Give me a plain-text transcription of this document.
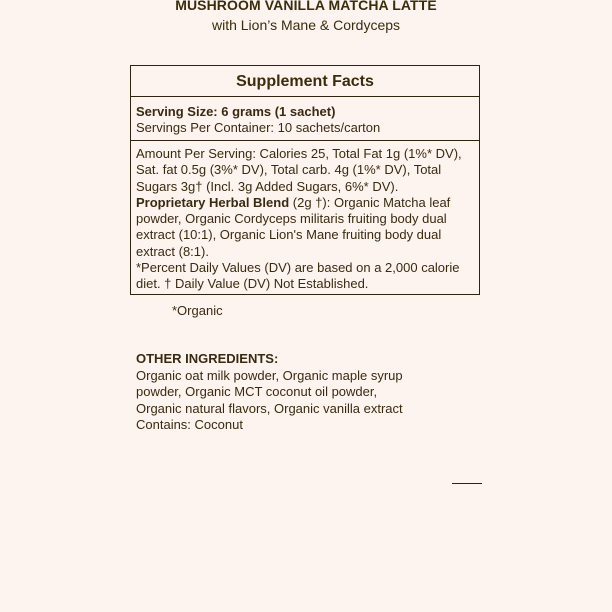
MUSHROOM VANILLA MATCHA LATTE
with Lion’s Mane & Cordyceps
Supplement Facts
Serving Size: 6 grams (1 sachet)
Servings Per Container: 10 sachets/carton

Amount Per Serving: Calories 25, Total Fat 1g (1%* DV), Sat. fat 0.5g (3%* DV), Total carb. 4g (1%* DV), Total Sugars 3g† (Incl. 3g Added Sugars, 6%* DV).

Proprietary Herbal Blend (2g †): Organic Matcha leaf powder, Organic Cordyceps militaris fruiting body dual extract (10:1), Organic Lion's Mane fruiting body dual extract (8:1).

*Percent Daily Values (DV) are based on a 2,000 calorie diet. † Daily Value (DV) Not Established.

*Organic
OTHER INGREDIENTS:
Organic oat milk powder, Organic maple syrup
powder, Organic MCT coconut oil powder,
Organic natural flavors, Organic vanilla extract
Contains: Coconut
